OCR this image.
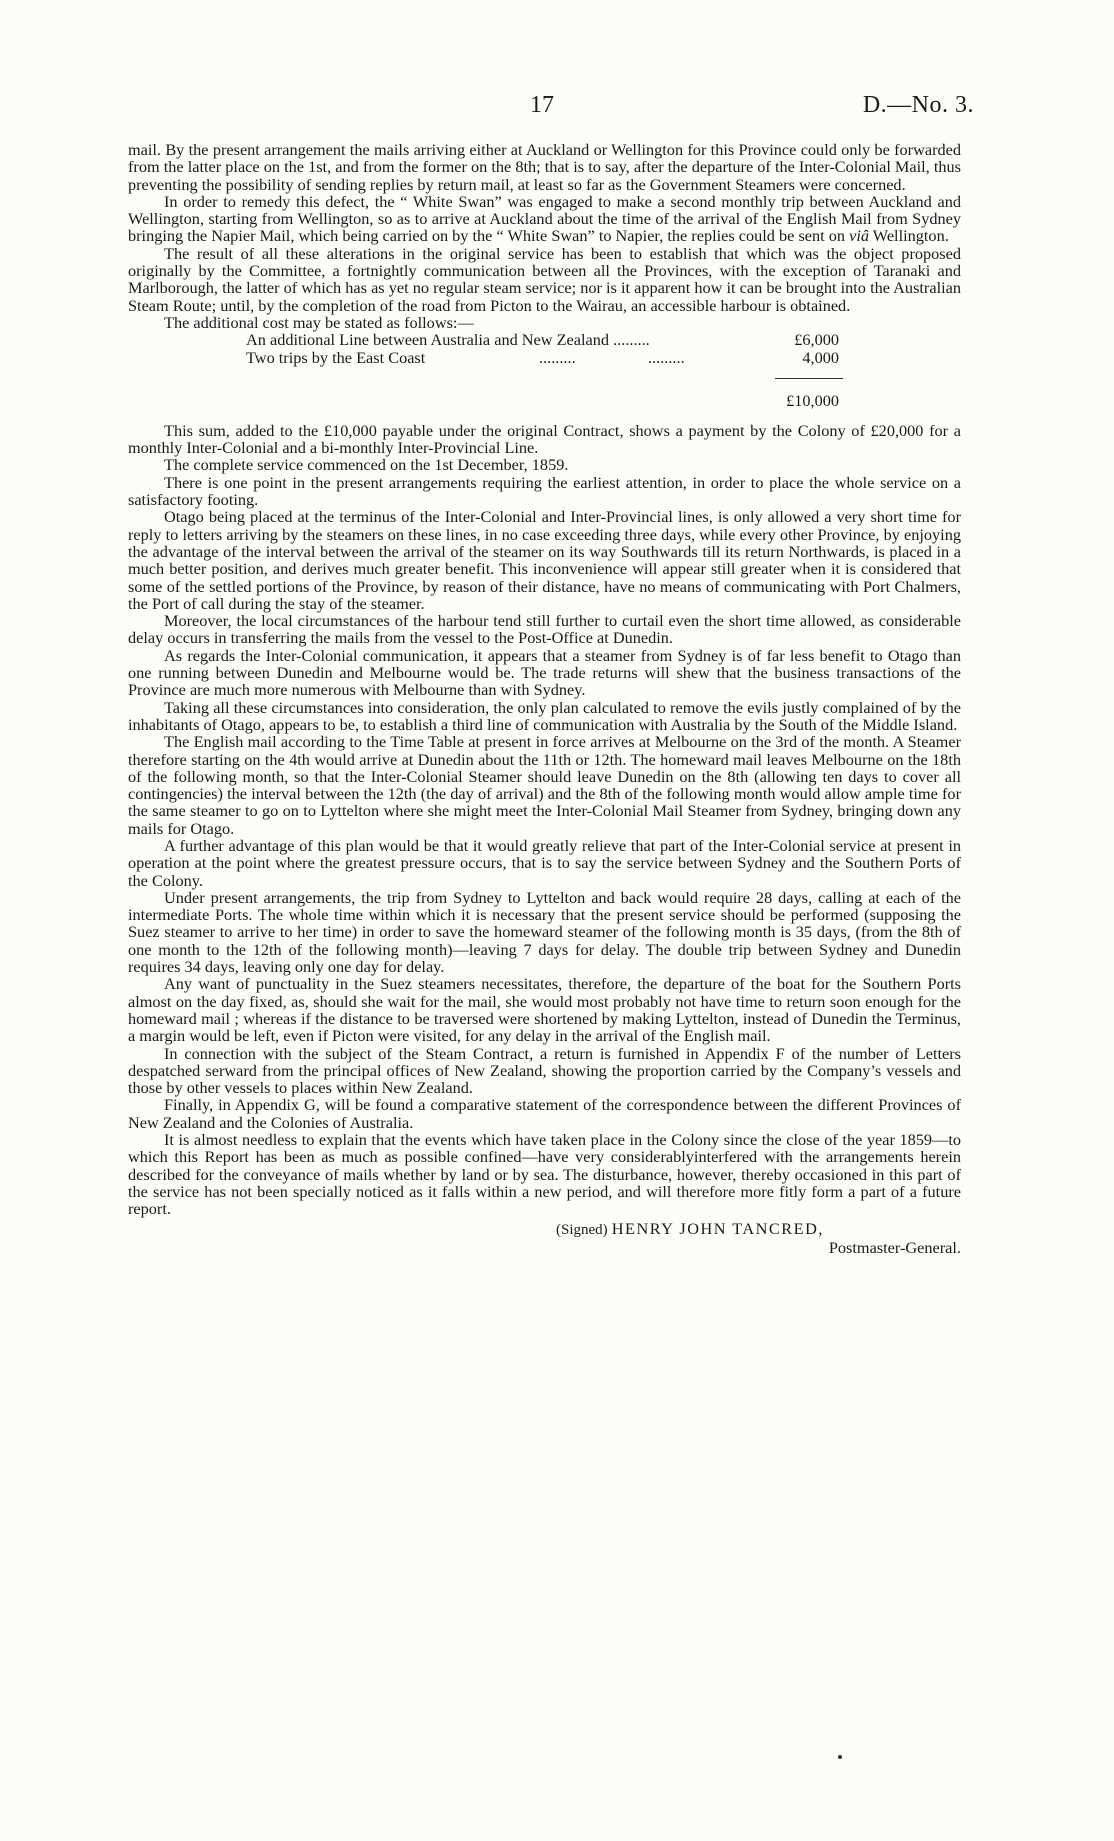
17	D.—No. 3.

mail. By the present arrangement the mails arriving either at Auckland or Wellington for this Province could only be forwarded from the latter place on the 1st, and from the former on the 8th; that is to say, after the departure of the Inter-Colonial Mail, thus preventing the possibility of sending replies by return mail, at least so far as the Government Steamers were concerned.

In order to remedy this defect, the “ White Swan” was engaged to make a second monthly trip between Auckland and Wellington, starting from Wellington, so as to arrive at Auckland about the time of the arrival of the English Mail from Sydney bringing the Napier Mail, which being carried on by the “ White Swan” to Napier, the replies could be sent on viâ Wellington.

The result of all these alterations in the original service has been to establish that which was the object proposed originally by the Committee, a fortnightly communication between all the Provinces, with the exception of Taranaki and Marlborough, the latter of which has as yet no regular steam service; nor is it apparent how it can be brought into the Australian Steam Route; until, by the completion of the road from Picton to the Wairau, an accessible harbour is obtained.

The additional cost may be stated as follows:—

An additional Line between Australia and New Zealand .........	£6,000
Two trips by the East Coast	.........	.........	4,000
£10,000

This sum, added to the £10,000 payable under the original Contract, shows a payment by the Colony of £20,000 for a monthly Inter-Colonial and a bi-monthly Inter-Provincial Line.

The complete service commenced on the 1st December, 1859.

There is one point in the present arrangements requiring the earliest attention, in order to place the whole service on a satisfactory footing.

Otago being placed at the terminus of the Inter-Colonial and Inter-Provincial lines, is only allowed a very short time for reply to letters arriving by the steamers on these lines, in no case exceeding three days, while every other Province, by enjoying the advantage of the interval between the arrival of the steamer on its way Southwards till its return Northwards, is placed in a much better position, and derives much greater benefit. This inconvenience will appear still greater when it is considered that some of the settled portions of the Province, by reason of their distance, have no means of communicating with Port Chalmers, the Port of call during the stay of the steamer.

Moreover, the local circumstances of the harbour tend still further to curtail even the short time allowed, as considerable delay occurs in transferring the mails from the vessel to the Post-Office at Dunedin.

As regards the Inter-Colonial communication, it appears that a steamer from Sydney is of far less benefit to Otago than one running between Dunedin and Melbourne would be. The trade returns will shew that the business transactions of the Province are much more numerous with Melbourne than with Sydney.

Taking all these circumstances into consideration, the only plan calculated to remove the evils justly complained of by the inhabitants of Otago, appears to be, to establish a third line of communication with Australia by the South of the Middle Island.

The English mail according to the Time Table at present in force arrives at Melbourne on the 3rd of the month. A Steamer therefore starting on the 4th would arrive at Dunedin about the 11th or 12th. The homeward mail leaves Melbourne on the 18th of the following month, so that the Inter-Colonial Steamer should leave Dunedin on the 8th (allowing ten days to cover all contingencies) the interval between the 12th (the day of arrival) and the 8th of the following month would allow ample time for the same steamer to go on to Lyttelton where she might meet the Inter-Colonial Mail Steamer from Sydney, bringing down any mails for Otago.

A further advantage of this plan would be that it would greatly relieve that part of the Inter-Colonial service at present in operation at the point where the greatest pressure occurs, that is to say the service between Sydney and the Southern Ports of the Colony.

Under present arrangements, the trip from Sydney to Lyttelton and back would require 28 days, calling at each of the intermediate Ports. The whole time within which it is necessary that the present service should be performed (supposing the Suez steamer to arrive to her time) in order to save the homeward steamer of the following month is 35 days, (from the 8th of one month to the 12th of the following month)—leaving 7 days for delay. The double trip between Sydney and Dunedin requires 34 days, leaving only one day for delay.

Any want of punctuality in the Suez steamers necessitates, therefore, the departure of the boat for the Southern Ports almost on the day fixed, as, should she wait for the mail, she would most probably not have time to return soon enough for the homeward mail ; whereas if the distance to be traversed were shortened by making Lyttelton, instead of Dunedin the Terminus, a margin would be left, even if Picton were visited, for any delay in the arrival of the English mail.

In connection with the subject of the Steam Contract, a return is furnished in Appendix F of the number of Letters despatched serward from the principal offices of New Zealand, showing the proportion carried by the Company’s vessels and those by other vessels to places within New Zealand.

Finally, in Appendix G, will be found a comparative statement of the correspondence between the different Provinces of New Zealand and the Colonies of Australia.

It is almost needless to explain that the events which have taken place in the Colony since the close of the year 1859—to which this Report has been as much as possible confined—have very considerablyinterfered with the arrangements herein described for the conveyance of mails whether by land or by sea. The disturbance, however, thereby occasioned in this part of the service has not been specially noticed as it falls within a new period, and will therefore more fitly form a part of a future report.

(Signed) HENRY JOHN TANCRED,
Postmaster-General.
